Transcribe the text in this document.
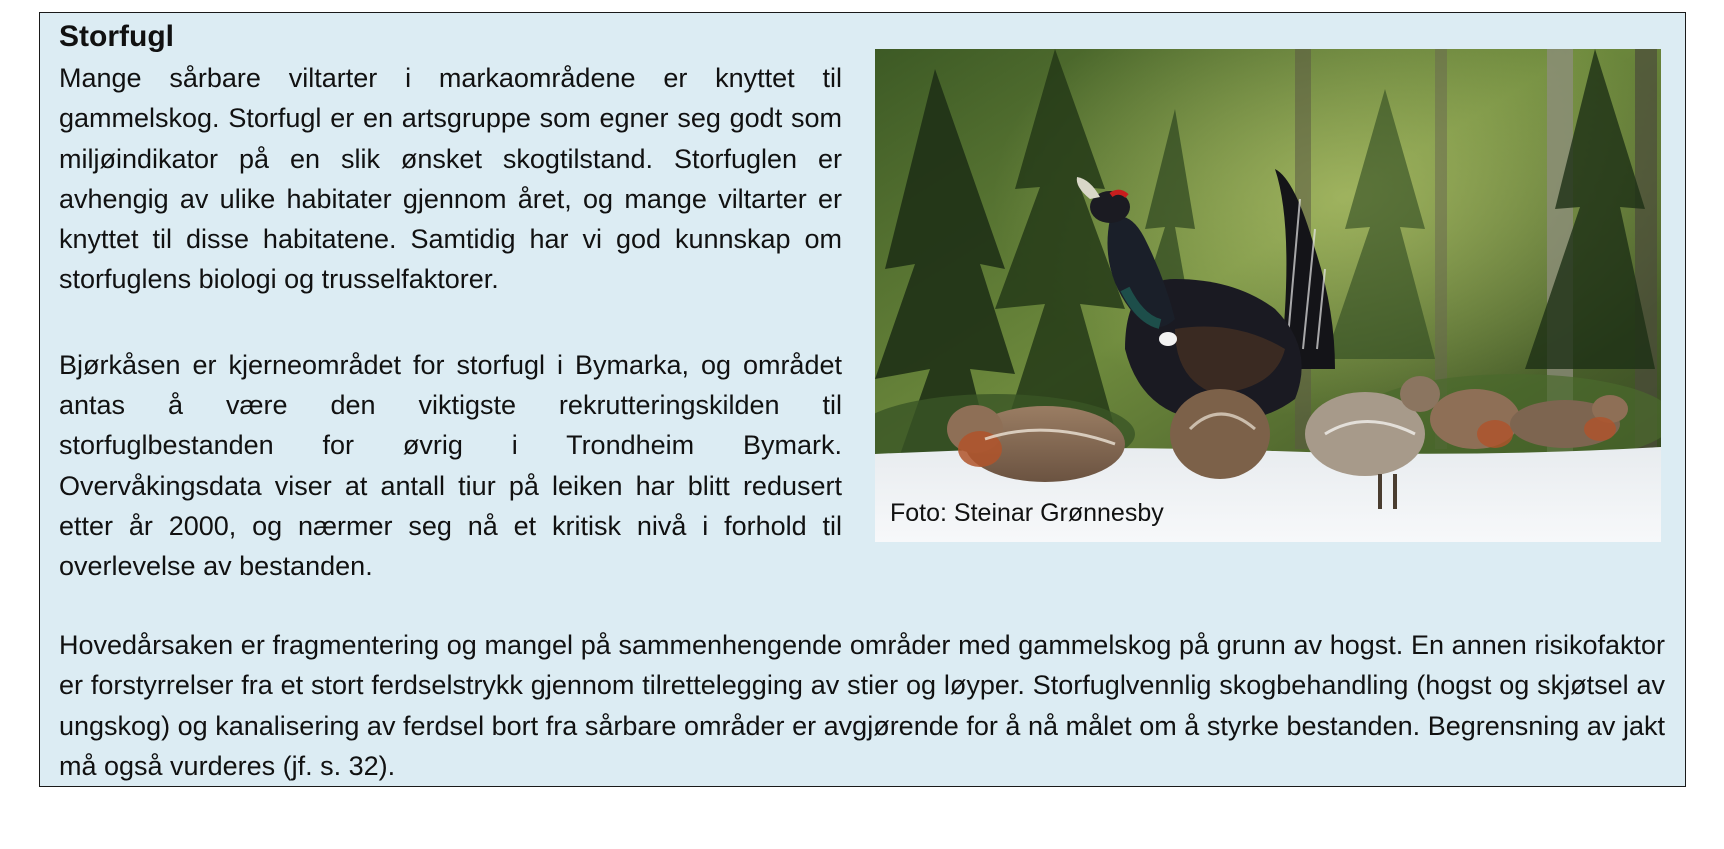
Storfugl

Mange sårbare viltarter i markaområdene er knyttet til gammelskog. Storfugl er en artsgruppe som egner seg godt som miljøindikator på en slik ønsket skogtilstand. Storfuglen er avhengig av ulike habitater gjennom året, og mange viltarter er knyttet til disse habitatene. Samtidig har vi god kunnskap om storfuglens biologi og trusselfaktorer.

Bjørkåsen er kjerneområdet for storfugl i Bymarka, og området antas å være den viktigste rekrutteringskilden til storfuglbestanden for øvrig i Trondheim Bymark. Overvåkingsdata viser at antall tiur på leiken har blitt redusert etter år 2000, og nærmer seg nå et kritisk nivå i forhold til overlevelse av bestanden.

Foto: Steinar Grønnesby

Hovedårsaken er fragmentering og mangel på sammenhengende områder med gammelskog på grunn av hogst. En annen risikofaktor er forstyrrelser fra et stort ferdselstrykk gjennom tilrettelegging av stier og løyper. Storfuglvennlig skogbehandling (hogst og skjøtsel av ungskog) og kanalisering av ferdsel bort fra sårbare områder er avgjørende for å nå målet om å styrke bestanden. Begrensning av jakt må også vurderes (jf. s. 32).
